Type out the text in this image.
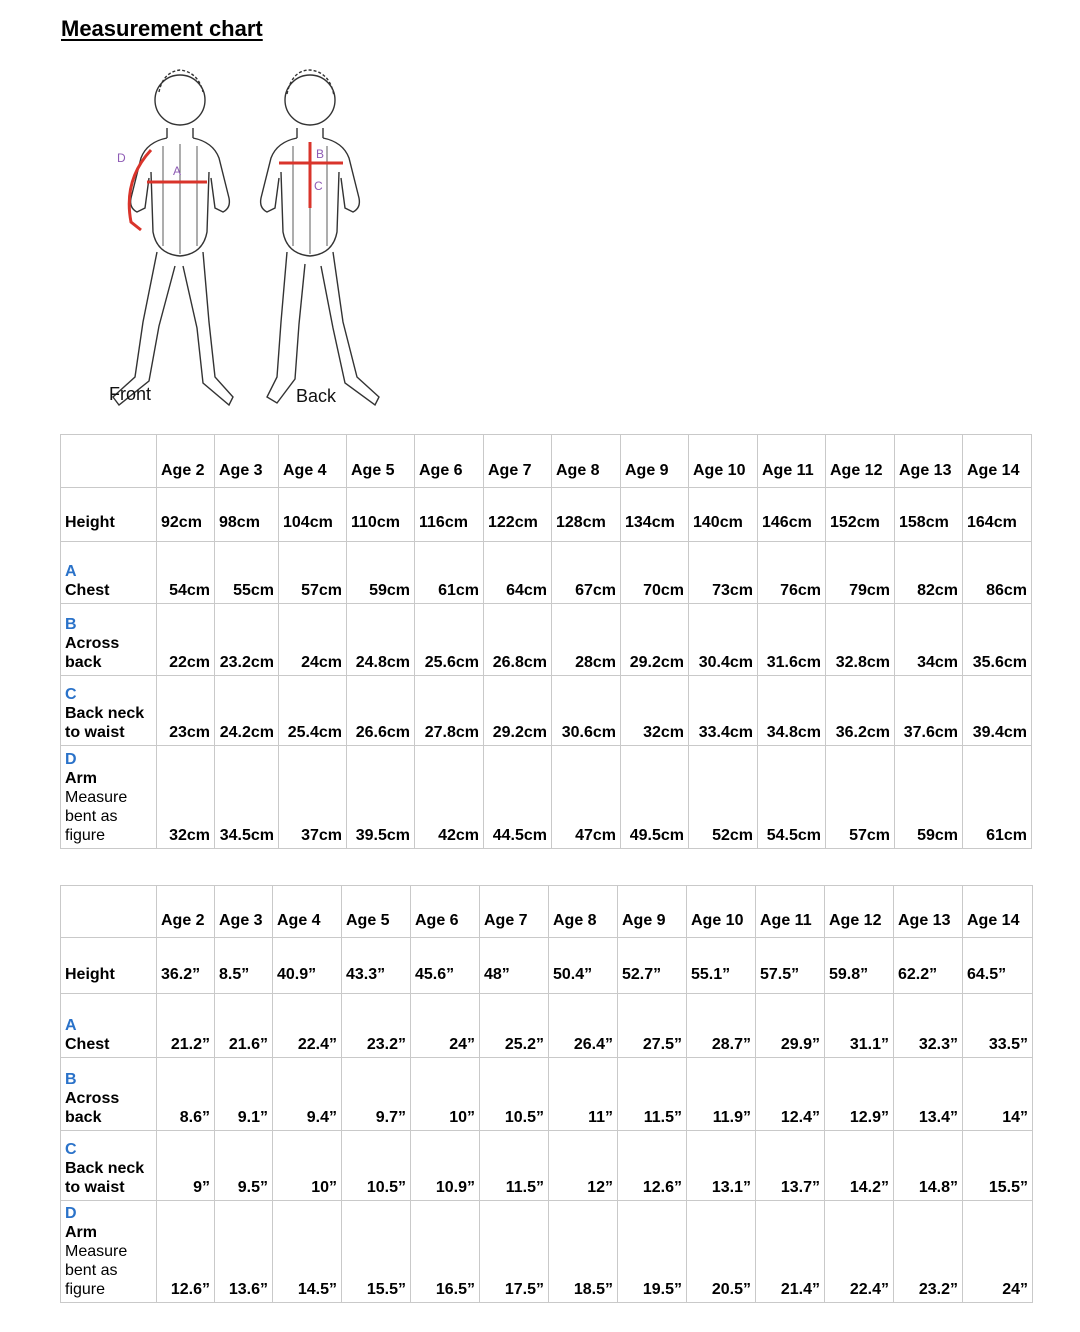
Measurement chart
A
D	B
C
Front	Back
	Age 2	Age 3	Age 4	Age 5	Age 6	Age 7	Age 8	Age 9	Age 10	Age 11	Age 12	Age 13	Age 14

Height	92cm	98cm	104cm	110cm	116cm	122cm	128cm	134cm	140cm	146cm	152cm	158cm	164cm

A
Chest	54cm	55cm	57cm	59cm	61cm	64cm	67cm	70cm	73cm	76cm	79cm	82cm	86cm

B
Across back	22cm	23.2cm	24cm	24.8cm	25.6cm	26.8cm	28cm	29.2cm	30.4cm	31.6cm	32.8cm	34cm	35.6cm

C
Back neck to waist	23cm	24.2cm	25.4cm	26.6cm	27.8cm	29.2cm	30.6cm	32cm	33.4cm	34.8cm	36.2cm	37.6cm	39.4cm

D
Arm
Measure bent as figure	32cm	34.5cm	37cm	39.5cm	42cm	44.5cm	47cm	49.5cm	52cm	54.5cm	57cm	59cm	61cm
	Age 2	Age 3	Age 4	Age 5	Age 6	Age 7	Age 8	Age 9	Age 10	Age 11	Age 12	Age 13	Age 14

Height	36.2”	8.5”	40.9”	43.3”	45.6”	48”	50.4”	52.7”	55.1”	57.5”	59.8”	62.2”	64.5”

A
Chest	21.2”	21.6”	22.4”	23.2”	24”	25.2”	26.4”	27.5”	28.7”	29.9”	31.1”	32.3”	33.5”

B
Across back	8.6”	9.1”	9.4”	9.7”	10”	10.5”	11”	11.5”	11.9”	12.4”	12.9”	13.4”	14”

C
Back neck to waist	9”	9.5”	10”	10.5”	10.9”	11.5”	12”	12.6”	13.1”	13.7”	14.2”	14.8”	15.5”

D
Arm
Measure bent as figure	12.6”	13.6”	14.5”	15.5”	16.5”	17.5”	18.5”	19.5”	20.5”	21.4”	22.4”	23.2”	24”
